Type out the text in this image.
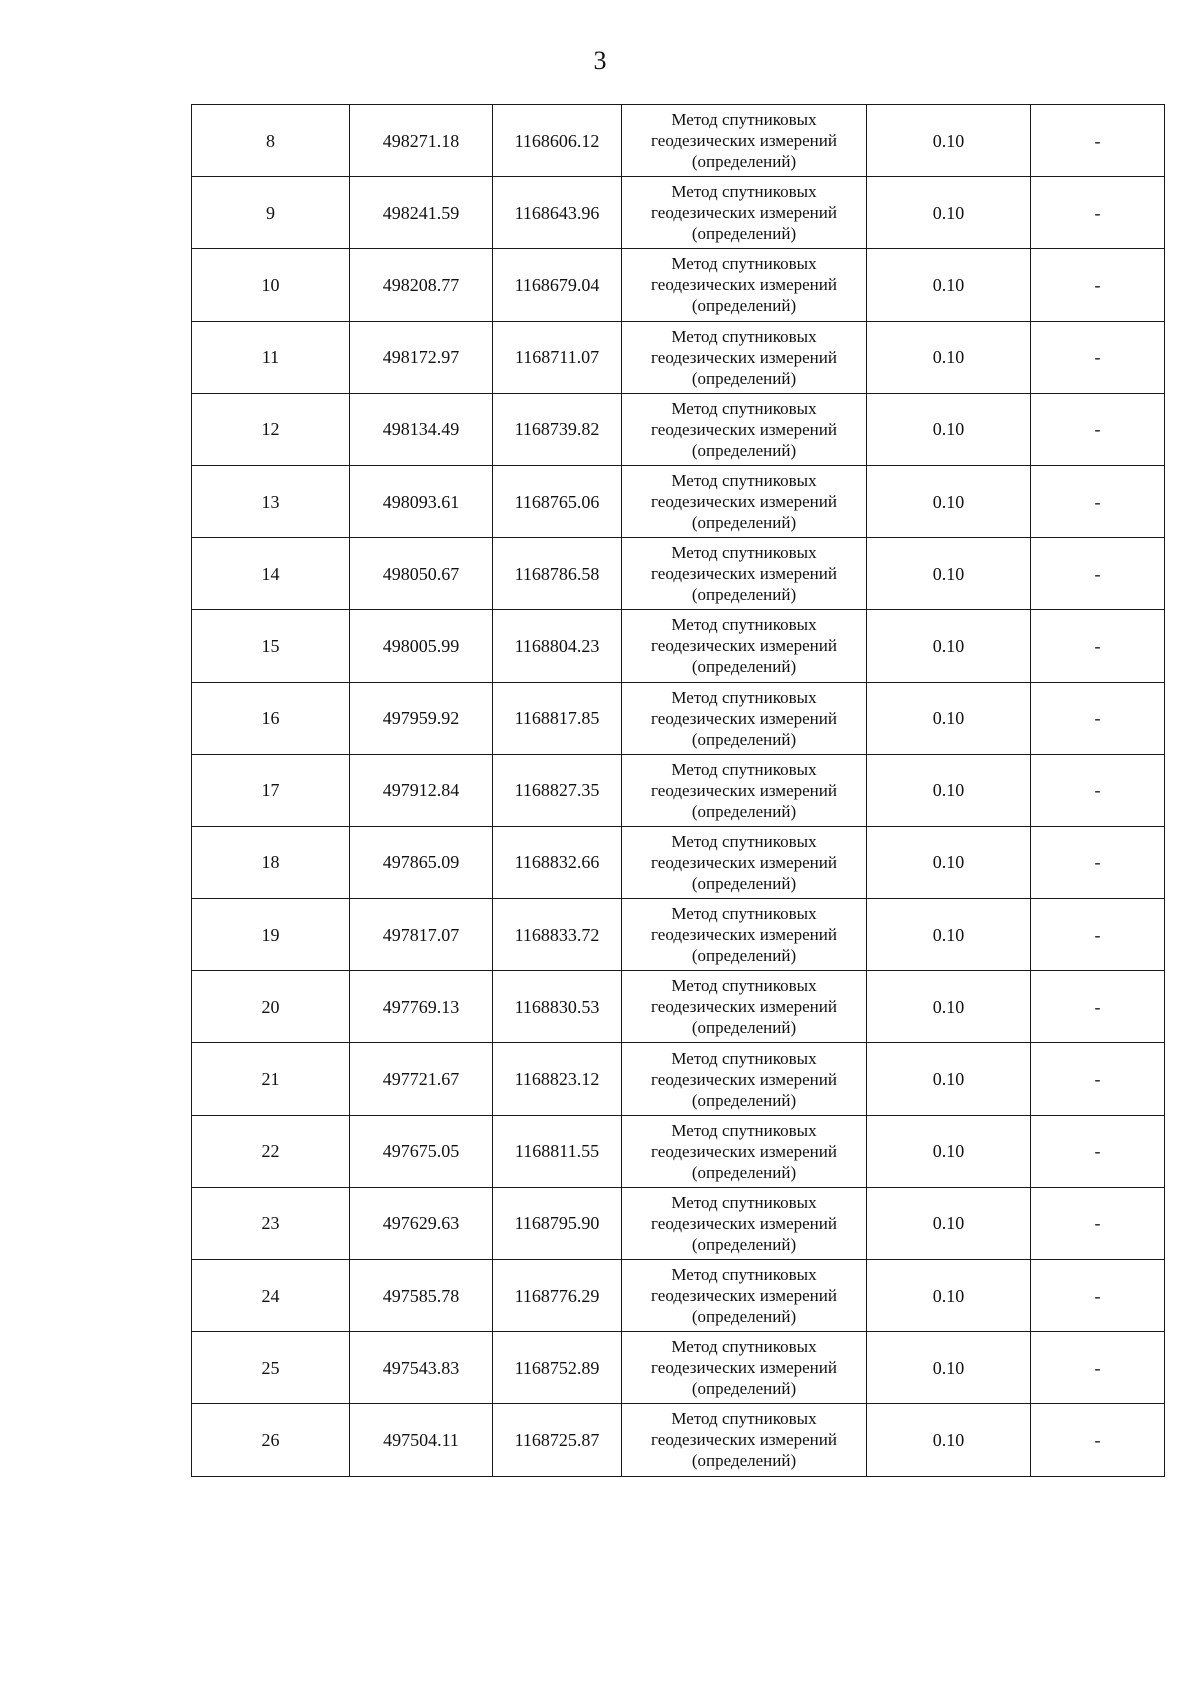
3
8	498271.18	1168606.12	Метод спутниковых геодезических измерений (определений)	0.10	-
9	498241.59	1168643.96	Метод спутниковых геодезических измерений (определений)	0.10	-
10	498208.77	1168679.04	Метод спутниковых геодезических измерений (определений)	0.10	-
11	498172.97	1168711.07	Метод спутниковых геодезических измерений (определений)	0.10	-
12	498134.49	1168739.82	Метод спутниковых геодезических измерений (определений)	0.10	-
13	498093.61	1168765.06	Метод спутниковых геодезических измерений (определений)	0.10	-
14	498050.67	1168786.58	Метод спутниковых геодезических измерений (определений)	0.10	-
15	498005.99	1168804.23	Метод спутниковых геодезических измерений (определений)	0.10	-
16	497959.92	1168817.85	Метод спутниковых геодезических измерений (определений)	0.10	-
17	497912.84	1168827.35	Метод спутниковых геодезических измерений (определений)	0.10	-
18	497865.09	1168832.66	Метод спутниковых геодезических измерений (определений)	0.10	-
19	497817.07	1168833.72	Метод спутниковых геодезических измерений (определений)	0.10	-
20	497769.13	1168830.53	Метод спутниковых геодезических измерений (определений)	0.10	-
21	497721.67	1168823.12	Метод спутниковых геодезических измерений (определений)	0.10	-
22	497675.05	1168811.55	Метод спутниковых геодезических измерений (определений)	0.10	-
23	497629.63	1168795.90	Метод спутниковых геодезических измерений (определений)	0.10	-
24	497585.78	1168776.29	Метод спутниковых геодезических измерений (определений)	0.10	-
25	497543.83	1168752.89	Метод спутниковых геодезических измерений (определений)	0.10	-
26	497504.11	1168725.87	Метод спутниковых геодезических измерений (определений)	0.10	-
